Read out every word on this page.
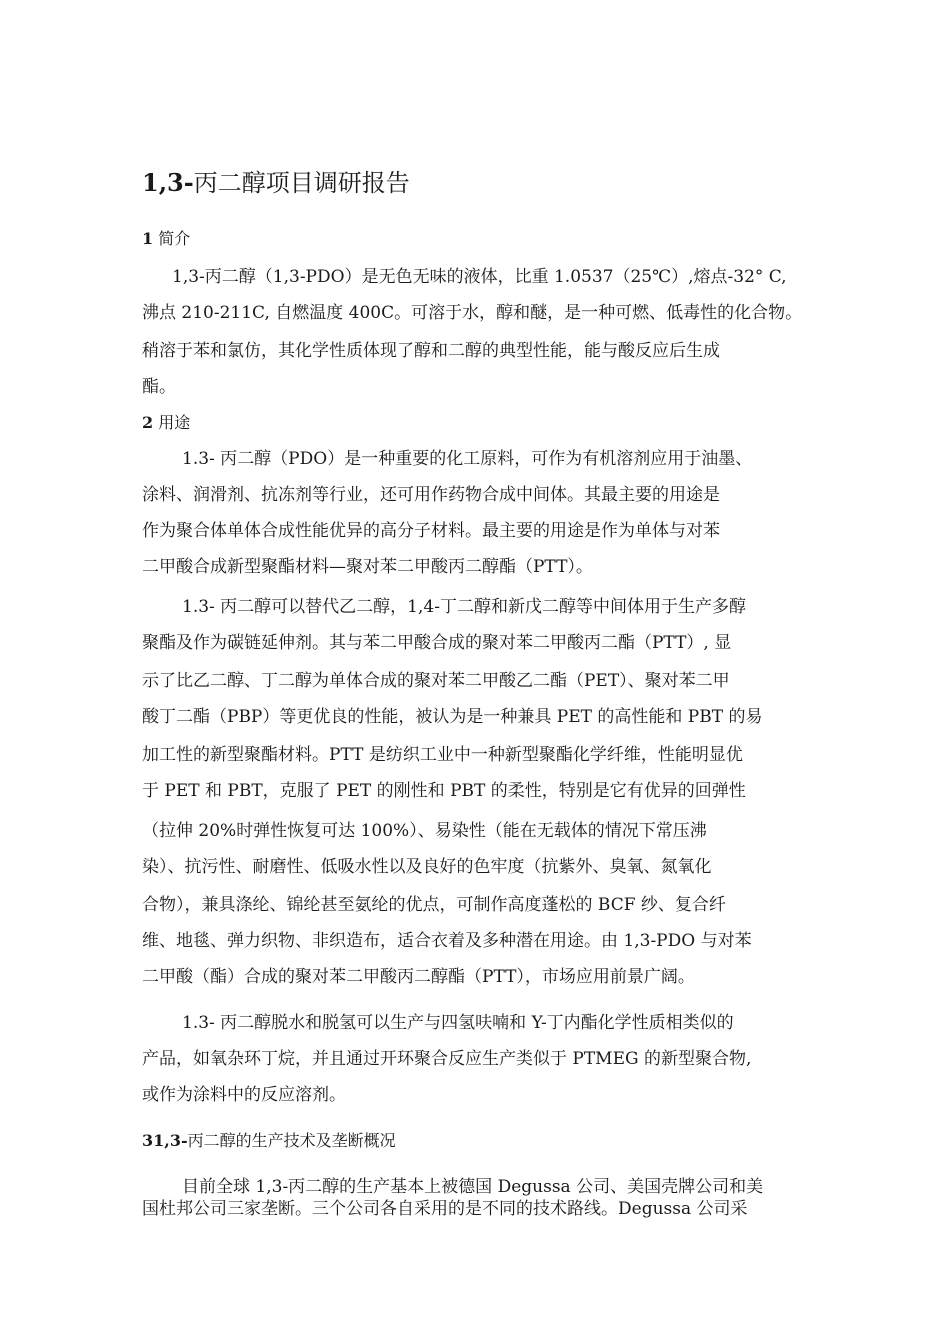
1,3-丙二醇项目调研报告
1 简介
1,3-丙二醇（1,3-PDO）是无色无味的液体，比重 1.0537（25℃）,熔点-32° C,
沸点 210-211C, 自燃温度 400C。可溶于水，醇和醚，是一种可燃、低毒性的化合物。
稍溶于苯和氯仿，其化学性质体现了醇和二醇的典型性能，能与酸反应后生成
酯。
2 用途
1.3- 丙二醇（PDO）是一种重要的化工原料，可作为有机溶剂应用于油墨、
涂料、润滑剂、抗冻剂等行业，还可用作药物合成中间体。其最主要的用途是
作为聚合体单体合成性能优异的高分子材料。最主要的用途是作为单体与对苯
二甲酸合成新型聚酯材料—聚对苯二甲酸丙二醇酯（PTT）。
1.3- 丙二醇可以替代乙二醇，1,4-丁二醇和新戊二醇等中间体用于生产多醇
聚酯及作为碳链延伸剂。其与苯二甲酸合成的聚对苯二甲酸丙二酯（PTT）, 显
示了比乙二醇、丁二醇为单体合成的聚对苯二甲酸乙二酯（PET）、聚对苯二甲
酸丁二酯（PBP）等更优良的性能，被认为是一种兼具 PET 的高性能和 PBT 的易
加工性的新型聚酯材料。PTT 是纺织工业中一种新型聚酯化学纤维，性能明显优
于 PET 和 PBT，克服了 PET 的刚性和 PBT 的柔性，特别是它有优异的回弹性
（拉伸 20%时弹性恢复可达 100%）、易染性（能在无载体的情况下常压沸
染）、抗污性、耐磨性、低吸水性以及良好的色牢度（抗紫外、臭氧、氮氧化
合物），兼具涤纶、锦纶甚至氨纶的优点，可制作高度蓬松的 BCF 纱、复合纤
维、地毯、弹力织物、非织造布，适合衣着及多种潜在用途。由 1,3-PDO 与对苯
二甲酸（酯）合成的聚对苯二甲酸丙二醇酯（PTT），市场应用前景广阔。
1.3- 丙二醇脱水和脱氢可以生产与四氢呋喃和 Y-丁内酯化学性质相类似的
产品，如氧杂环丁烷，并且通过开环聚合反应生产类似于 PTMEG 的新型聚合物,
或作为涂料中的反应溶剂。
31,3-丙二醇的生产技术及垄断概况
目前全球 1,3-丙二醇的生产基本上被德国 Degussa 公司、美国壳牌公司和美
国杜邦公司三家垄断。三个公司各自采用的是不同的技术路线。Degussa 公司采
